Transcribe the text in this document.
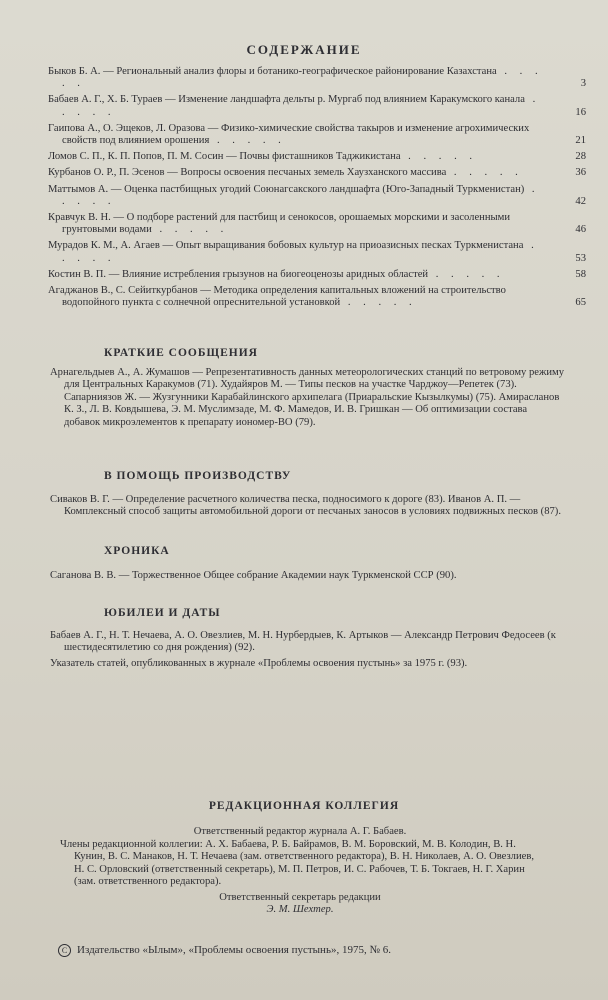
СОДЕРЖАНИЕ
Быков Б. А. — Региональный анализ флоры и ботанико-географическое районирование Казахстана . . . . .	3
Бабаев А. Г., Х. Б. Тураев — Изменение ландшафта дельты р. Мургаб под влиянием Каракумского канала . . . . .	16
Гаипова А., О. Эщеков, Л. Оразова — Физико-химические свойства такыров и изменение агрохимических свойств под влиянием орошения . . . . .	21
Ломов С. П., К. П. Попов, П. М. Сосин — Почвы фисташников Таджикистана . . . . .	28
Курбанов О. Р., П. Эсенов — Вопросы освоения песчаных земель Хаузханского массива . . . . .	36
Маттымов А. — Оценка пастбищных угодий Союнагсакского ландшафта (Юго-Западный Туркменистан) . . . . .	42
Кравчук В. Н. — О подборе растений для пастбищ и сенокосов, орошаемых морскими и засоленными грунтовыми водами . . . . .	46
Мурадов К. М., А. Агаев — Опыт выращивания бобовых культур на приоазисных песках Туркменистана . . . . .	53
Костин В. П. — Влияние истребления грызунов на биогеоценозы аридных областей . . . . .	58
Агаджанов В., С. Сейиткурбанов — Методика определения капитальных вложений на строительство водопойного пункта с солнечной опреснительной установкой . . . . .	65
КРАТКИЕ СООБЩЕНИЯ

Арнагельдыев А., А. Жумашов — Репрезентативность данных метеорологических станций по ветровому режиму для Центральных Каракумов (71). Худайяров М. — Типы песков на участке Чарджоу—Репетек (73). Сапарниязов Ж. — Жузгунники Карабайлинского архипелага (Приаральские Кызылкумы) (75). Амирасланов К. З., Л. В. Ковдышева, Э. М. Муслимзаде, М. Ф. Мамедов, И. В. Гришкан — Об оптимизации состава добавок микроэлементов к препарату иономер-ВО (79).

В ПОМОЩЬ ПРОИЗВОДСТВУ

Сиваков В. Г. — Определение расчетного количества песка, подносимого к дороге (83). Иванов А. П. — Комплексный способ защиты автомобильной дороги от песчаных заносов в условиях подвижных песков (87).

ХРОНИКА

Саганова В. В. — Торжественное Общее собрание Академии наук Туркменской ССР (90).

ЮБИЛЕИ И ДАТЫ

Бабаев А. Г., Н. Т. Нечаева, А. О. Овезлиев, М. Н. Нурбердыев, К. Артыков — Александр Петрович Федосеев (к шестидесятилетию со дня рождения) (92).

Указатель статей, опубликованных в журнале «Проблемы освоения пустынь» за 1975 г. (93).

РЕДАКЦИОННАЯ КОЛЛЕГИЯ
Ответственный редактор журнала А. Г. Бабаев.
Члены редакционной коллегии: А. Х. Бабаева, Р. Б. Байрамов, В. М. Боровский, М. В. Колодин, В. Н. Кунин, В. С. Манаков, Н. Т. Нечаева (зам. ответственного редактора), В. Н. Николаев, А. О. Овезлиев, Н. С. Орловский (ответственный секретарь), М. П. Петров, И. С. Рабочев, Т. Б. Токгаев, Н. Г. Харин (зам. ответственного редактора).
Ответственный секретарь редакции
Э. М. Шехтер.
С Издательство «Ылым», «Проблемы освоения пустынь», 1975, № 6.
